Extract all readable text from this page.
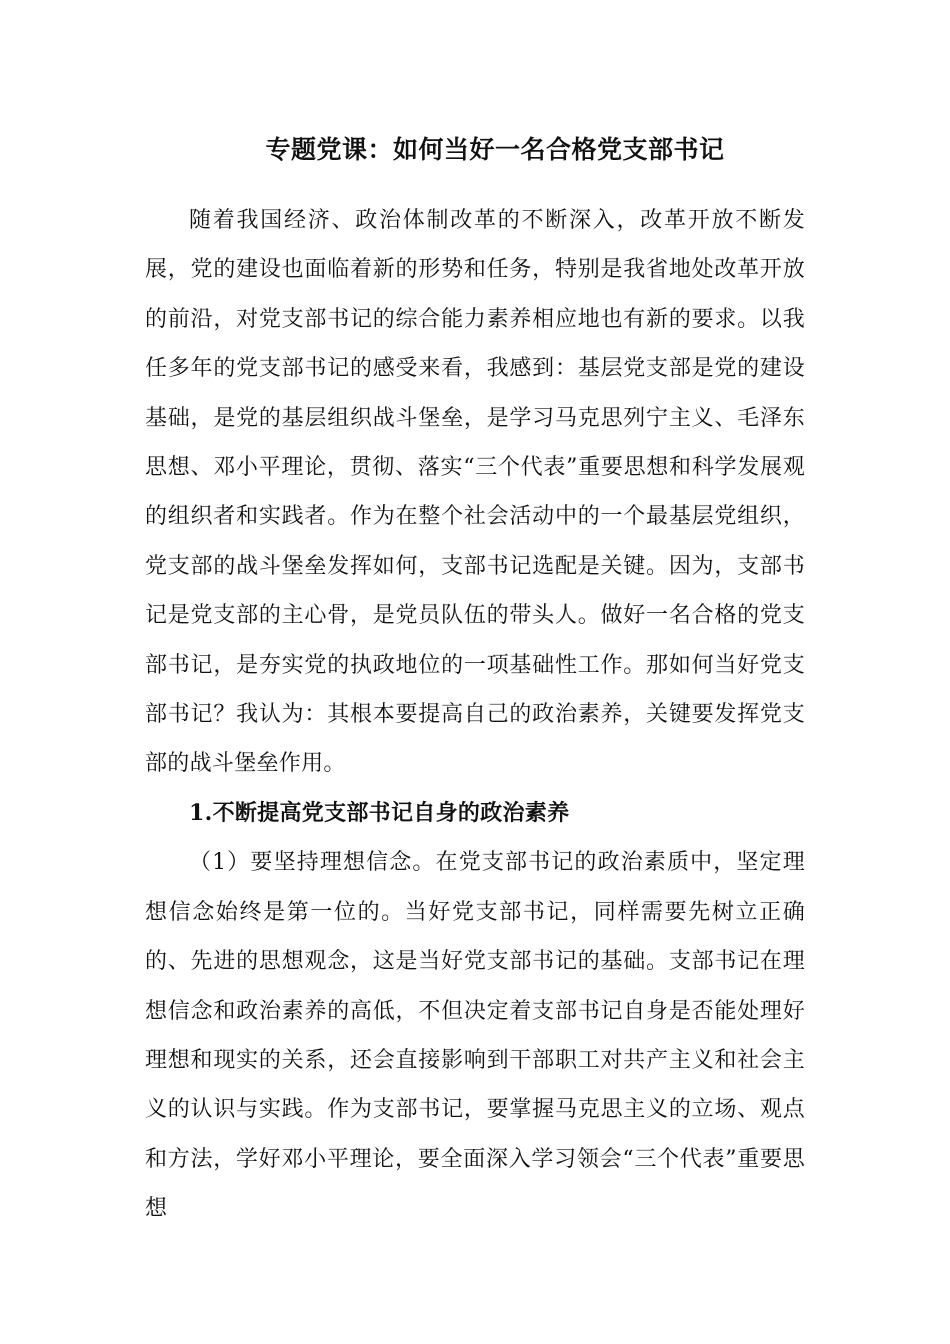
专题党课：如何当好一名合格党支部书记

随着我国经济、政治体制改革的不断深入，改革开放不断发展，党的建设也面临着新的形势和任务，特别是我省地处改革开放的前沿，对党支部书记的综合能力素养相应地也有新的要求。以我任多年的党支部书记的感受来看，我感到：基层党支部是党的建设基础，是党的基层组织战斗堡垒，是学习马克思列宁主义、毛泽东思想、邓小平理论，贯彻、落实“三个代表”重要思想和科学发展观的组织者和实践者。作为在整个社会活动中的一个最基层党组织，党支部的战斗堡垒发挥如何，支部书记选配是关键。因为，支部书记是党支部的主心骨，是党员队伍的带头人。做好一名合格的党支部书记，是夯实党的执政地位的一项基础性工作。那如何当好党支部书记？我认为：其根本要提高自己的政治素养，关键要发挥党支部的战斗堡垒作用。

1.不断提高党支部书记自身的政治素养

（1）要坚持理想信念。在党支部书记的政治素质中，坚定理想信念始终是第一位的。当好党支部书记，同样需要先树立正确的、先进的思想观念，这是当好党支部书记的基础。支部书记在理想信念和政治素养的高低，不但决定着支部书记自身是否能处理好理想和现实的关系，还会直接影响到干部职工对共产主义和社会主义的认识与实践。作为支部书记，要掌握马克思主义的立场、观点和方法，学好邓小平理论，要全面深入学习领会“三个代表”重要思想
